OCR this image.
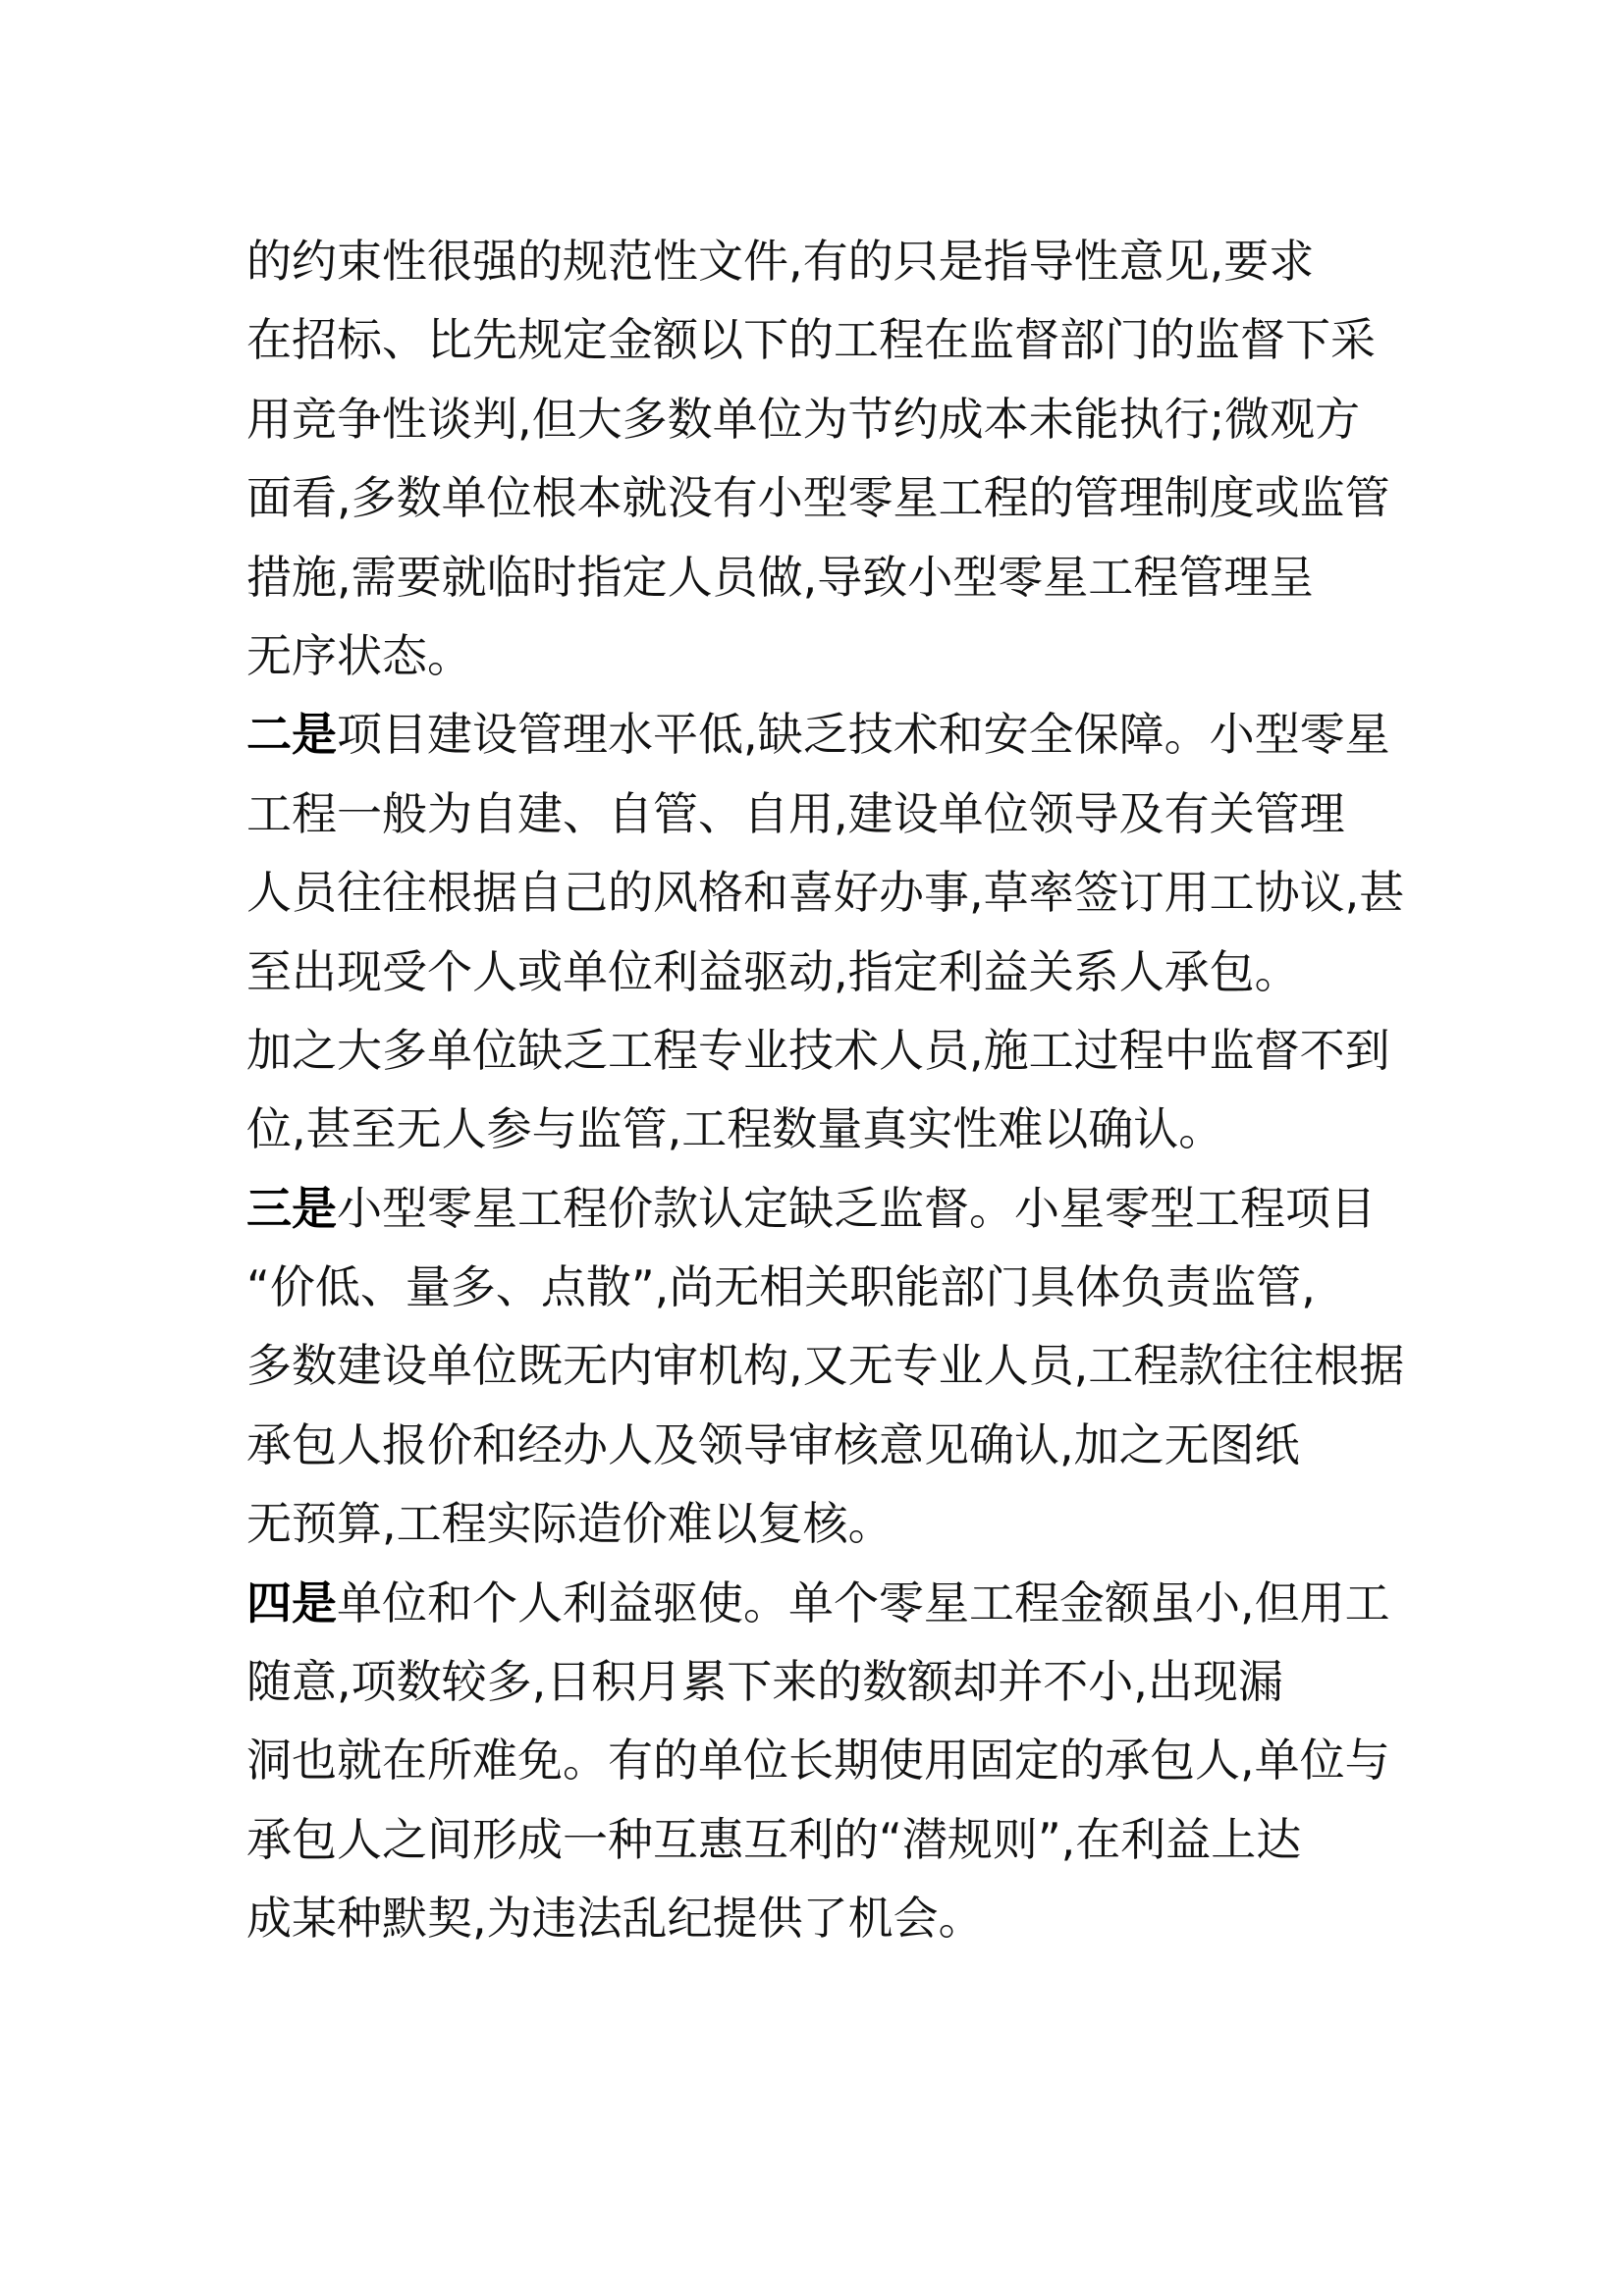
的约束性很强的规范性文件,有的只是指导性意见,要求
在招标、比先规定金额以下的工程在监督部门的监督下采
用竞争性谈判,但大多数单位为节约成本未能执行;微观方
面看,多数单位根本就没有小型零星工程的管理制度或监管
措施,需要就临时指定人员做,导致小型零星工程管理呈
无序状态。
二是项目建设管理水平低,缺乏技术和安全保障。小型零星
工程一般为自建、自管、自用,建设单位领导及有关管理
人员往往根据自己的风格和喜好办事,草率签订用工协议,甚
至出现受个人或单位利益驱动,指定利益关系人承包。
加之大多单位缺乏工程专业技术人员,施工过程中监督不到
位,甚至无人参与监管,工程数量真实性难以确认。
三是小型零星工程价款认定缺乏监督。小星零型工程项目
“价低、量多、点散”,尚无相关职能部门具体负责监管,
多数建设单位既无内审机构,又无专业人员,工程款往往根据
承包人报价和经办人及领导审核意见确认,加之无图纸
无预算,工程实际造价难以复核。
四是单位和个人利益驱使。单个零星工程金额虽小,但用工
随意,项数较多,日积月累下来的数额却并不小,出现漏
洞也就在所难免。有的单位长期使用固定的承包人,单位与
承包人之间形成一种互惠互利的“潜规则”,在利益上达
成某种默契,为违法乱纪提供了机会。
